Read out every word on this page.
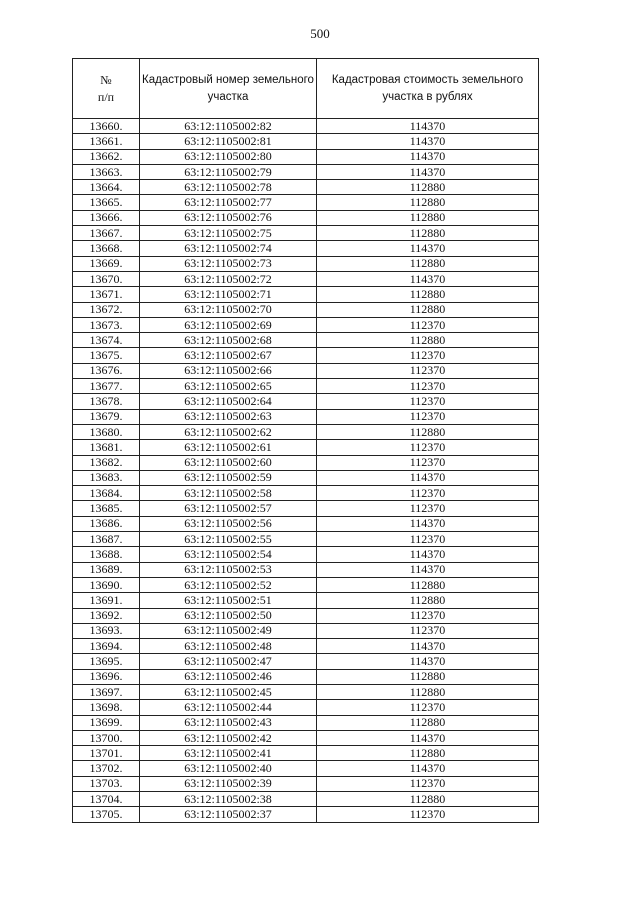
500
№
п/п	Кадастровый номер земельного участка	Кадастровая стоимость земельного участка в рублях
13660.	63:12:1105002:82	114370
13661.	63:12:1105002:81	114370
13662.	63:12:1105002:80	114370
13663.	63:12:1105002:79	114370
13664.	63:12:1105002:78	112880
13665.	63:12:1105002:77	112880
13666.	63:12:1105002:76	112880
13667.	63:12:1105002:75	112880
13668.	63:12:1105002:74	114370
13669.	63:12:1105002:73	112880
13670.	63:12:1105002:72	114370
13671.	63:12:1105002:71	112880
13672.	63:12:1105002:70	112880
13673.	63:12:1105002:69	112370
13674.	63:12:1105002:68	112880
13675.	63:12:1105002:67	112370
13676.	63:12:1105002:66	112370
13677.	63:12:1105002:65	112370
13678.	63:12:1105002:64	112370
13679.	63:12:1105002:63	112370
13680.	63:12:1105002:62	112880
13681.	63:12:1105002:61	112370
13682.	63:12:1105002:60	112370
13683.	63:12:1105002:59	114370
13684.	63:12:1105002:58	112370
13685.	63:12:1105002:57	112370
13686.	63:12:1105002:56	114370
13687.	63:12:1105002:55	112370
13688.	63:12:1105002:54	114370
13689.	63:12:1105002:53	114370
13690.	63:12:1105002:52	112880
13691.	63:12:1105002:51	112880
13692.	63:12:1105002:50	112370
13693.	63:12:1105002:49	112370
13694.	63:12:1105002:48	114370
13695.	63:12:1105002:47	114370
13696.	63:12:1105002:46	112880
13697.	63:12:1105002:45	112880
13698.	63:12:1105002:44	112370
13699.	63:12:1105002:43	112880
13700.	63:12:1105002:42	114370
13701.	63:12:1105002:41	112880
13702.	63:12:1105002:40	114370
13703.	63:12:1105002:39	112370
13704.	63:12:1105002:38	112880
13705.	63:12:1105002:37	112370
